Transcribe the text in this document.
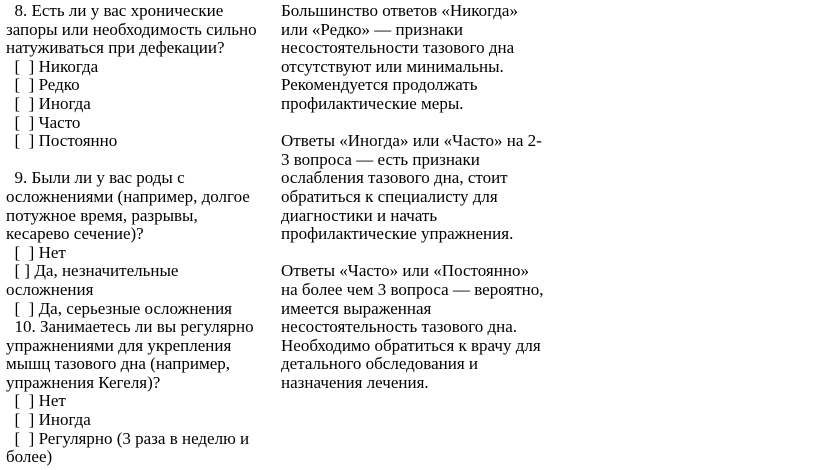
8. Есть ли у вас хронические
запоры или необходимость сильно
натуживаться при дефекации?
[  ] Никогда
[  ] Редко
[  ] Иногда
[  ] Часто
[  ] Постоянно
9. Были ли у вас роды с
осложнениями (например, долгое
потужное время, разрывы,
кесарево сечение)?
[  ] Нет
[ ] Да, незначительные
осложнения
[  ] Да, серьезные осложнения
10. Занимаетесь ли вы регулярно
упражнениями для укрепления
мышц тазового дна (например,
упражнения Кегеля)?
[  ] Нет
[  ] Иногда
[  ] Регулярно (3 раза в неделю и
более)
Большинство ответов «Никогда»
или «Редко» — признаки
несостоятельности тазового дна
отсутствуют или минимальны.
Рекомендуется продолжать
профилактические меры.
Ответы «Иногда» или «Часто» на 2-
3 вопроса — есть признаки
ослабления тазового дна, стоит
обратиться к специалисту для
диагностики и начать
профилактические упражнения.
Ответы «Часто» или «Постоянно»
на более чем 3 вопроса — вероятно,
имеется выраженная
несостоятельность тазового дна.
Необходимо обратиться к врачу для
детального обследования и
назначения лечения.
